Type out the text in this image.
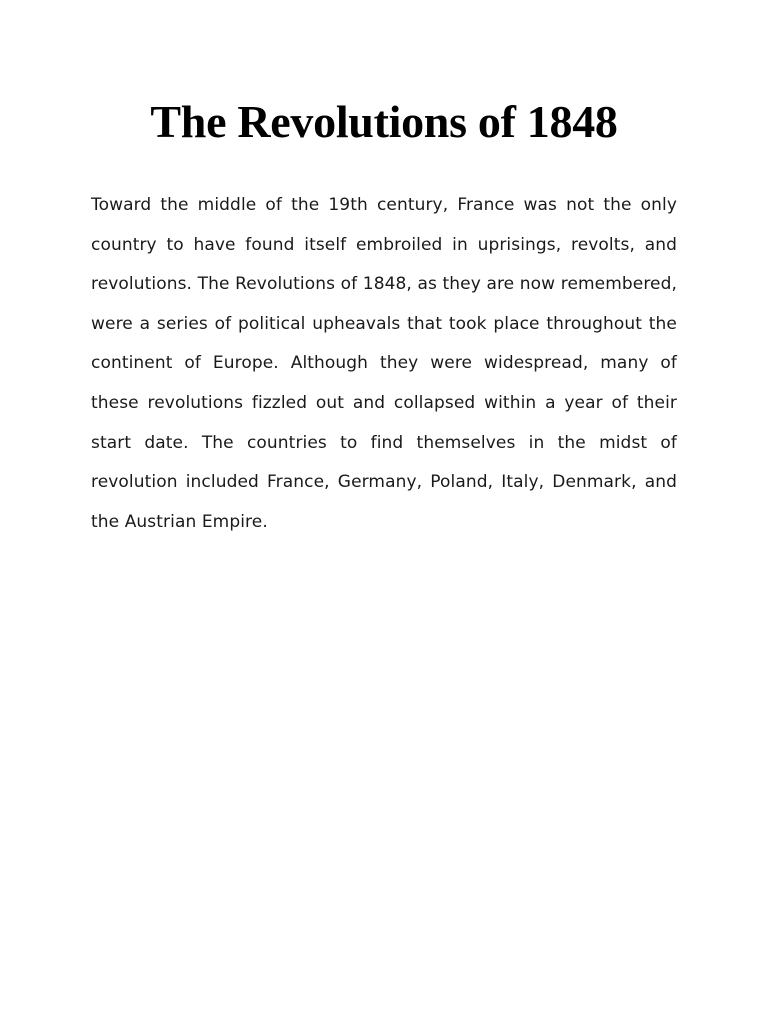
The Revolutions of 1848

Toward the middle of the 19th century, France was not the only country to have found itself embroiled in uprisings, revolts, and revolutions. The Revolutions of 1848, as they are now remembered, were a series of political upheavals that took place throughout the continent of Europe. Although they were widespread, many of these revolutions fizzled out and collapsed within a year of their start date. The countries to find themselves in the midst of revolution included France, Germany, Poland, Italy, Denmark, and the Austrian Empire.
